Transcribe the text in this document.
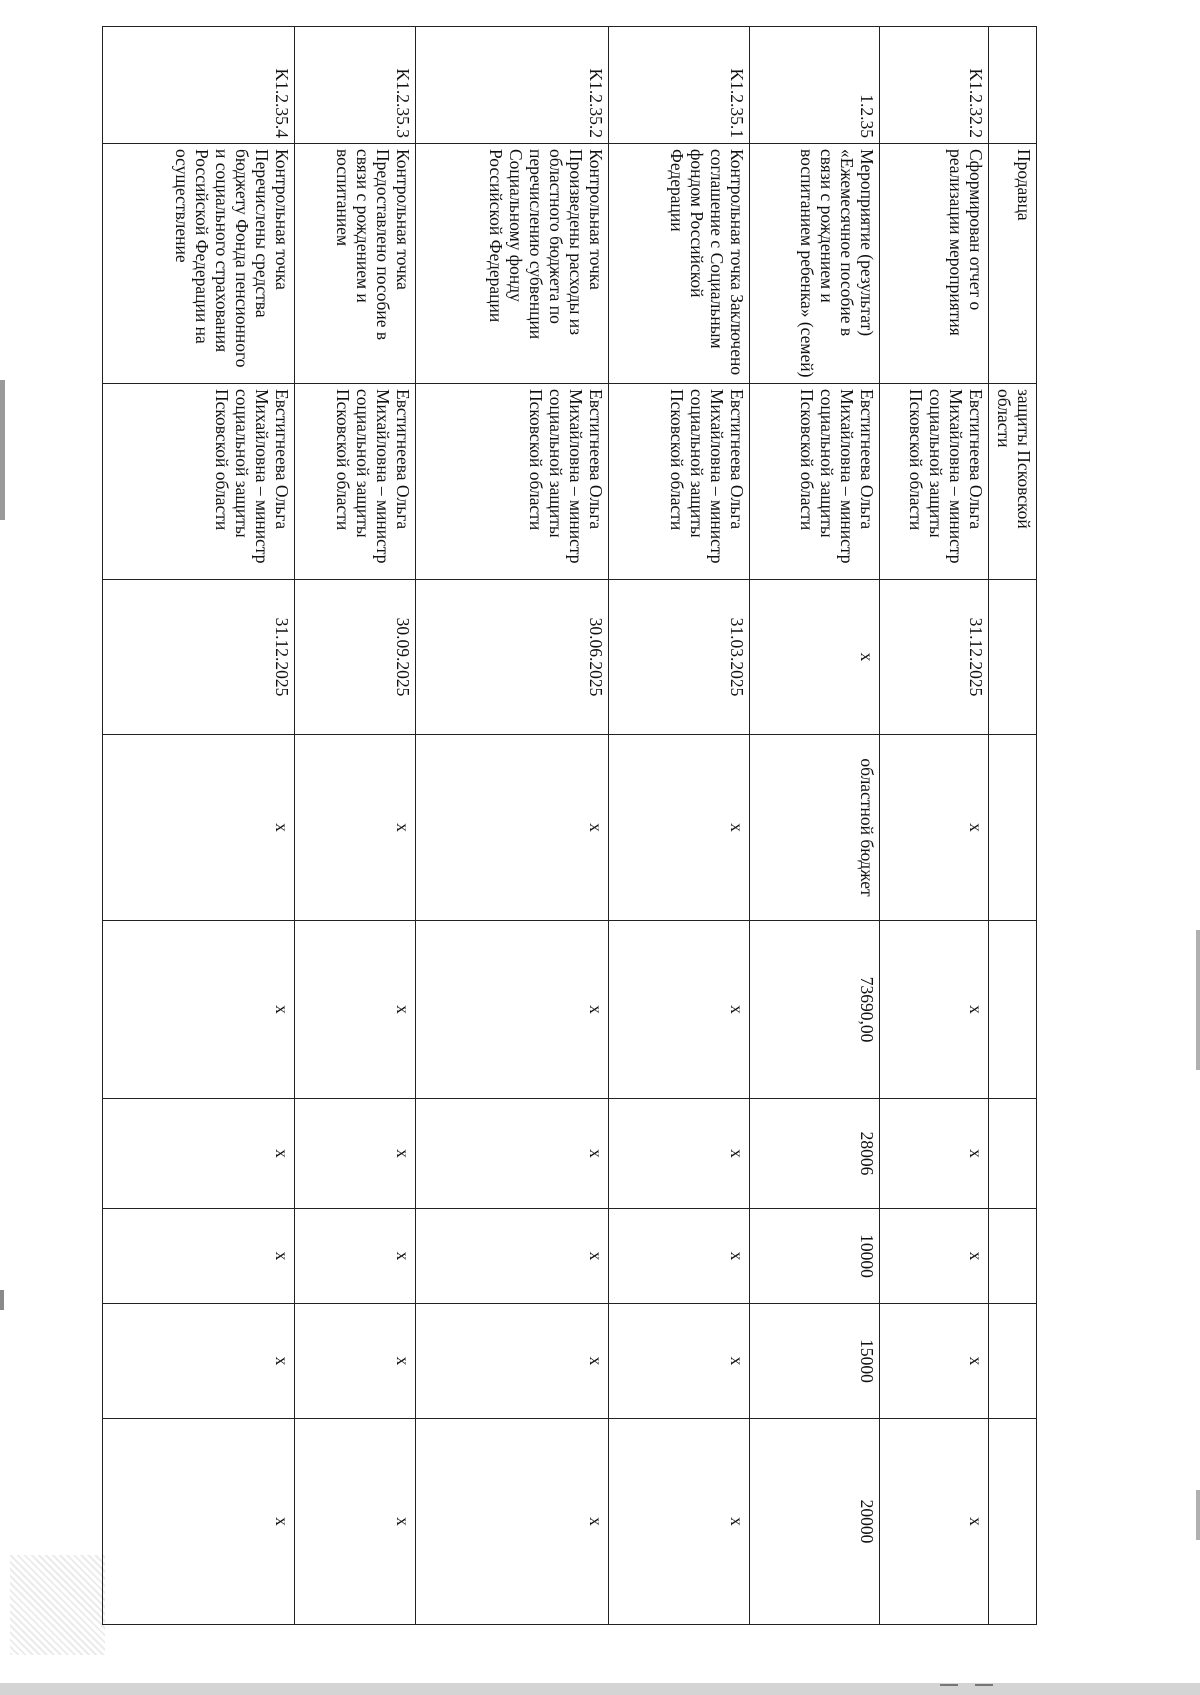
	Продавца	защиты Псковской области							
K1.2.32.2	Сформирован отчет о реализации мероприятия	Евстигнеева Ольга Михайловна – министр социальной защиты Псковской области	31.12.2025	x	x	x	x	x	x
1.2.35	Мероприятие (результат) «Ежемесячное пособие в связи с рождением и воспитанием ребенка» (семей)	Евстигнеева Ольга Михайловна – министр социальной защиты Псковской области	x	областной бюджет	73690,00	28006	10000	15000	20000
K1.2.35.1	Контрольная точка Заключено соглашение с Социальным фондом Российской Федерации	Евстигнеева Ольга Михайловна – министр социальной защиты Псковской области	31.03.2025	x	x	x	x	x	x
K1.2.35.2	Контрольная точка Произведены расходы из областного бюджета по перечислению субвенции Социальному фонду Российской Федерации	Евстигнеева Ольга Михайловна – министр социальной защиты Псковской области	30.06.2025	x	x	x	x	x	x
K1.2.35.3	Контрольная точка Предоставлено пособие в связи с рождением и воспитанием	Евстигнеева Ольга Михайловна – министр социальной защиты Псковской области	30.09.2025	x	x	x	x	x	x
K1.2.35.4	Контрольная точка Перечислены средства бюджету Фонда пенсионного и социального страхования Российской Федерации на осуществление	Евстигнеева Ольга Михайловна – министр социальной защиты Псковской области	31.12.2025	x	x	x	x	x	x
